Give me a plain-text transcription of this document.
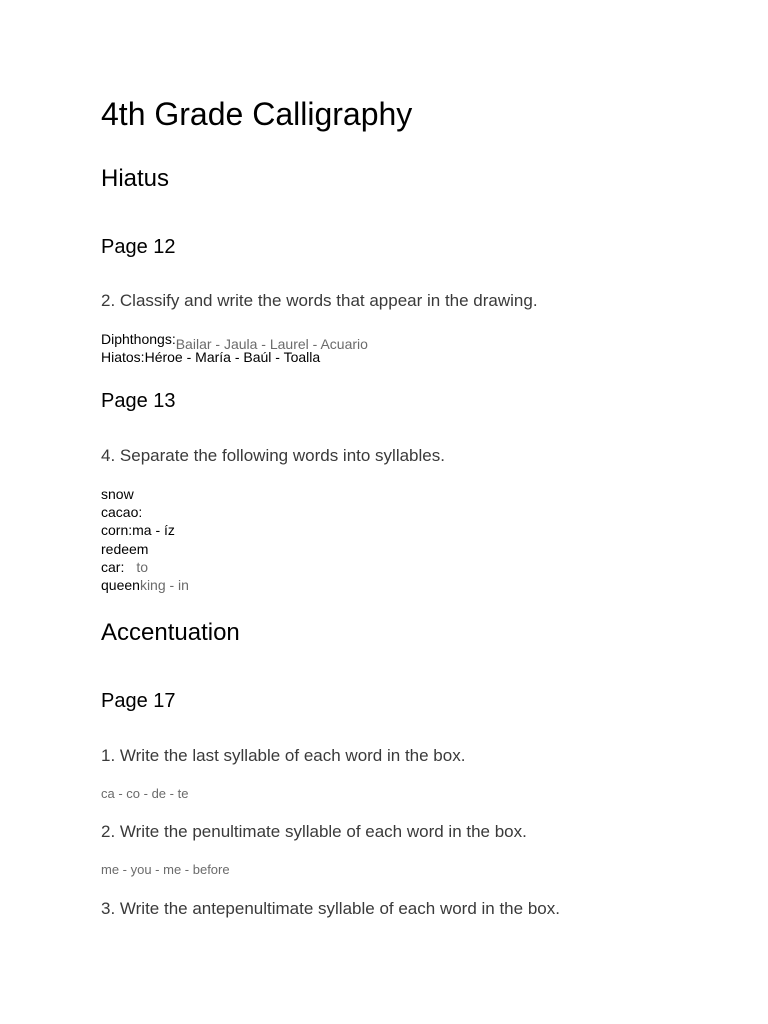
4th Grade Calligraphy
Hiatus
Page 12
2. Classify and write the words that appear in the drawing.
Diphthongs:Bailar - Jaula - Laurel - Acuario
Hiatos:Héroe - María - Baúl - Toalla
Page 13
4. Separate the following words into syllables.
snow
cacao:
corn:ma - íz
redeem
car: to
queenking - in
Accentuation
Page 17
1. Write the last syllable of each word in the box.
ca - co - de - te
2. Write the penultimate syllable of each word in the box.
me - you - me - before
3. Write the antepenultimate syllable of each word in the box.
